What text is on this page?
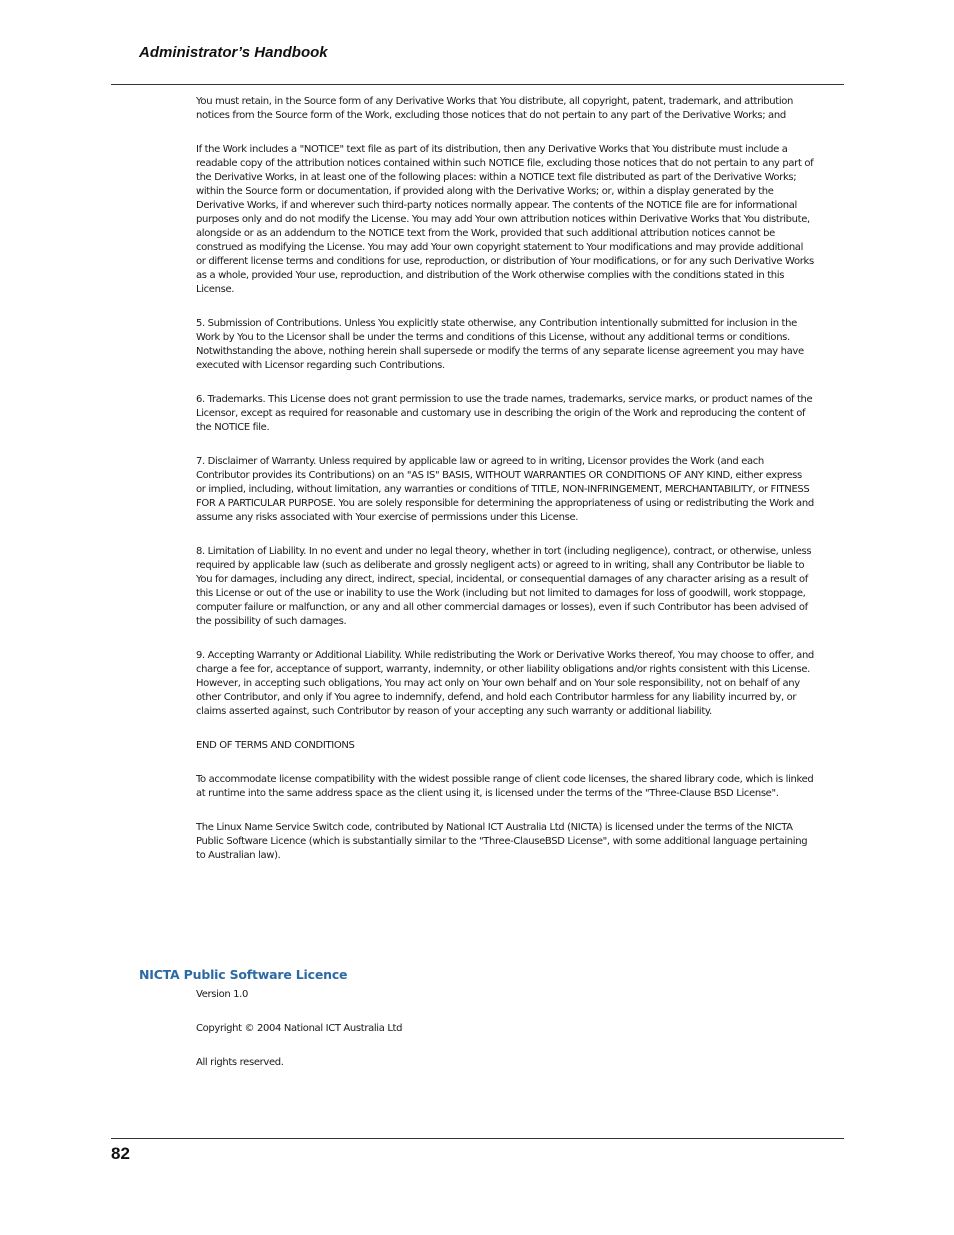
Administrator’s Handbook

You must retain, in the Source form of any Derivative Works that You distribute, all copyright, patent, trademark, and attribution notices from the Source form of the Work, excluding those notices that do not pertain to any part of the Derivative Works; and

If the Work includes a "NOTICE" text file as part of its distribution, then any Derivative Works that You distribute must include a readable copy of the attribution notices contained within such NOTICE file, excluding those notices that do not pertain to any part of the Derivative Works, in at least one of the following places: within a NOTICE text file distributed as part of the Derivative Works; within the Source form or documentation, if provided along with the Derivative Works; or, within a display generated by the Derivative Works, if and wherever such third-party notices normally appear. The contents of the NOTICE file are for informational purposes only and do not modify the License. You may add Your own attribution notices within Derivative Works that You distribute, alongside or as an addendum to the NOTICE text from the Work, provided that such additional attribution notices cannot be construed as modifying the License. You may add Your own copyright statement to Your modifications and may provide additional or different license terms and conditions for use, reproduction, or distribution of Your modifications, or for any such Derivative Works as a whole, provided Your use, reproduction, and distribution of the Work otherwise complies with the conditions stated in this License.

5. Submission of Contributions. Unless You explicitly state otherwise, any Contribution intentionally submitted for inclusion in the Work by You to the Licensor shall be under the terms and conditions of this License, without any additional terms or conditions. Notwithstanding the above, nothing herein shall supersede or modify the terms of any separate license agreement you may have executed with Licensor regarding such Contributions.

6. Trademarks. This License does not grant permission to use the trade names, trademarks, service marks, or product names of the Licensor, except as required for reasonable and customary use in describing the origin of the Work and reproducing the content of the NOTICE file.

7. Disclaimer of Warranty. Unless required by applicable law or agreed to in writing, Licensor provides the Work (and each Contributor provides its Contributions) on an "AS IS" BASIS, WITHOUT WARRANTIES OR CONDITIONS OF ANY KIND, either express or implied, including, without limitation, any warranties or conditions of TITLE, NON-INFRINGEMENT, MERCHANTABILITY, or FITNESS FOR A PARTICULAR PURPOSE. You are solely responsible for determining the appropriateness of using or redistributing the Work and assume any risks associated with Your exercise of permissions under this License.

8. Limitation of Liability. In no event and under no legal theory, whether in tort (including negligence), contract, or otherwise, unless required by applicable law (such as deliberate and grossly negligent acts) or agreed to in writing, shall any Contributor be liable to You for damages, including any direct, indirect, special, incidental, or consequential damages of any character arising as a result of this License or out of the use or inability to use the Work (including but not limited to damages for loss of goodwill, work stoppage, computer failure or malfunction, or any and all other commercial damages or losses), even if such Contributor has been advised of the possibility of such damages.

9. Accepting Warranty or Additional Liability. While redistributing the Work or Derivative Works thereof, You may choose to offer, and charge a fee for, acceptance of support, warranty, indemnity, or other liability obligations and/or rights consistent with this License. However, in accepting such obligations, You may act only on Your own behalf and on Your sole responsibility, not on behalf of any other Contributor, and only if You agree to indemnify, defend, and hold each Contributor harmless for any liability incurred by, or claims asserted against, such Contributor by reason of your accepting any such warranty or additional liability.

END OF TERMS AND CONDITIONS

To accommodate license compatibility with the widest possible range of client code licenses, the shared library code, which is linked at runtime into the same address space as the client using it, is licensed under the terms of the "Three-Clause BSD License".

The Linux Name Service Switch code, contributed by National ICT Australia Ltd (NICTA) is licensed under the terms of the NICTA Public Software Licence (which is substantially similar to the "Three-ClauseBSD License", with some additional language pertaining to Australian law).

NICTA Public Software Licence

Version 1.0

Copyright © 2004 National ICT Australia Ltd

All rights reserved.

82
